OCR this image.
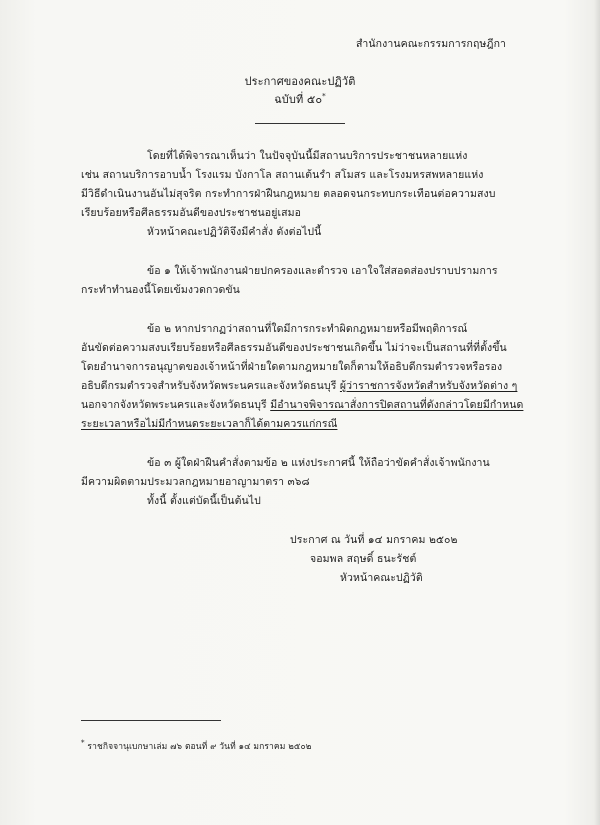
สำนักงานคณะกรรมการกฤษฎีกา
ประกาศของคณะปฏิวัติ
ฉบับที่ ๕๐*
โดยที่ได้พิจารณาเห็นว่า ในปัจจุบันนี้มีสถานบริการประชาชนหลายแห่ง
เช่น สถานบริการอาบน้ำ โรงแรม บังกาโล สถานเต้นรำ สโมสร และโรงมหรสพหลายแห่ง
มีวิธีดำเนินงานอันไม่สุจริต กระทำการฝ่าฝืนกฎหมาย ตลอดจนกระทบกระเทือนต่อความสงบ
เรียบร้อยหรือศีลธรรมอันดีของประชาชนอยู่เสมอ
หัวหน้าคณะปฏิวัติจึงมีคำสั่ง ดังต่อไปนี้
ข้อ ๑ ให้เจ้าพนักงานฝ่ายปกครองและตำรวจ เอาใจใส่สอดส่องปราบปรามการ
กระทำทำนองนี้โดยเข้มงวดกวดขัน
ข้อ ๒ หากปรากฏว่าสถานที่ใดมีการกระทำผิดกฎหมายหรือมีพฤติการณ์
อันขัดต่อความสงบเรียบร้อยหรือศีลธรรมอันดีของประชาชนเกิดขึ้น ไม่ว่าจะเป็นสถานที่ที่ตั้งขึ้น
โดยอำนาจการอนุญาตของเจ้าหน้าที่ฝ่ายใดตามกฎหมายใดก็ตามให้อธิบดีกรมตำรวจหรือรอง
อธิบดีกรมตำรวจสำหรับจังหวัดพระนครและจังหวัดธนบุรี ผู้ว่าราชการจังหวัดสำหรับจังหวัดต่าง ๆ
นอกจากจังหวัดพระนครและจังหวัดธนบุรี มีอำนาจพิจารณาสั่งการปิดสถานที่ดังกล่าวโดยมีกำหนด
ระยะเวลาหรือไม่มีกำหนดระยะเวลาก็ได้ตามควรแก่กรณี
ข้อ ๓ ผู้ใดฝ่าฝืนคำสั่งตามข้อ ๒ แห่งประกาศนี้ ให้ถือว่าขัดคำสั่งเจ้าพนักงาน
มีความผิดตามประมวลกฎหมายอาญามาตรา ๓๖๘
ทั้งนี้ ตั้งแต่บัดนี้เป็นต้นไป
ประกาศ ณ วันที่ ๑๔ มกราคม ๒๕๐๒
จอมพล สฤษดิ์ ธนะรัชต์
หัวหน้าคณะปฏิวัติ
* ราชกิจจานุเบกษาเล่ม ๗๖ ตอนที่ ๙ วันที่ ๑๔ มกราคม ๒๕๐๒
